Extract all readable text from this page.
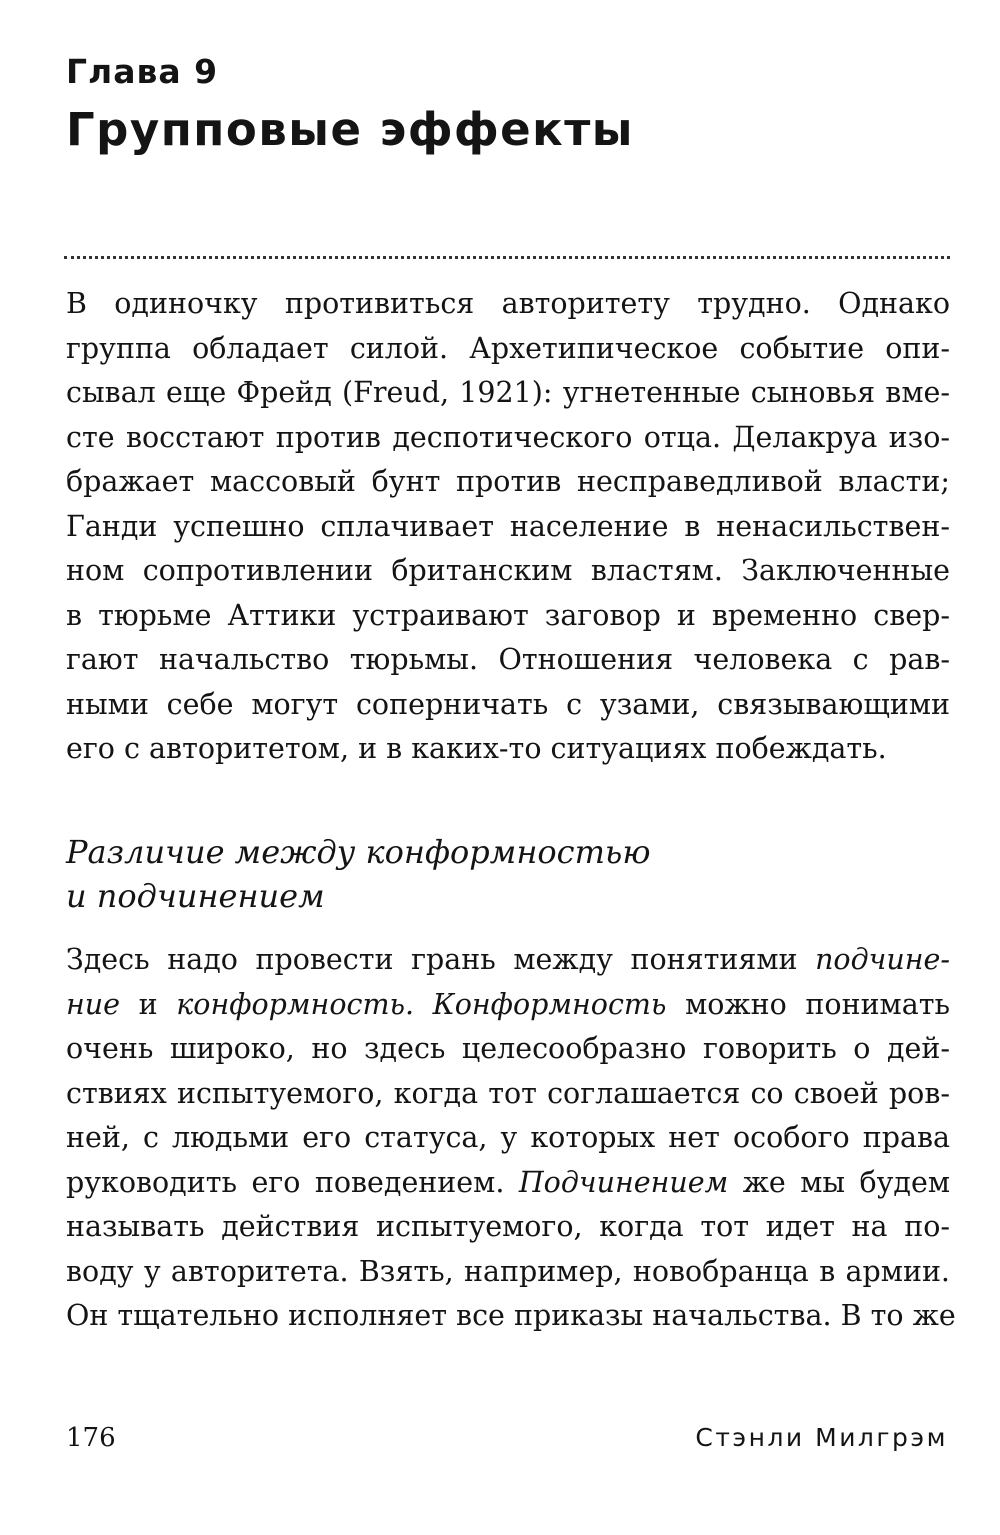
Глава 9
Групповые эффекты
В одиночку противиться авторитету трудно. Однако
группа обладает силой. Архетипическое событие опи-
сывал еще Фрейд (Freud, 1921): угнетенные сыновья вме-
сте восстают против деспотического отца. Делакруа изо-
бражает массовый бунт против несправедливой власти;
Ганди успешно сплачивает население в ненасильствен-
ном сопротивлении британским властям. Заключенные
в тюрьме Аттики устраивают заговор и временно свер-
гают начальство тюрьмы. Отношения человека с рав-
ными себе могут соперничать с узами, связывающими
его с авторитетом, и в каких-то ситуациях побеждать.
Различие между конформностью
и подчинением
Здесь надо провести грань между понятиями подчине-
ние и конформность. Конформность можно понимать
очень широко, но здесь целесообразно говорить о дей-
ствиях испытуемого, когда тот соглашается со своей ров-
ней, с людьми его статуса, у которых нет особого права
руководить его поведением. Подчинением же мы будем
называть действия испытуемого, когда тот идет на по-
воду у авторитета. Взять, например, новобранца в армии.
Он тщательно исполняет все приказы начальства. В то же
176	Стэнли Милгрэм
